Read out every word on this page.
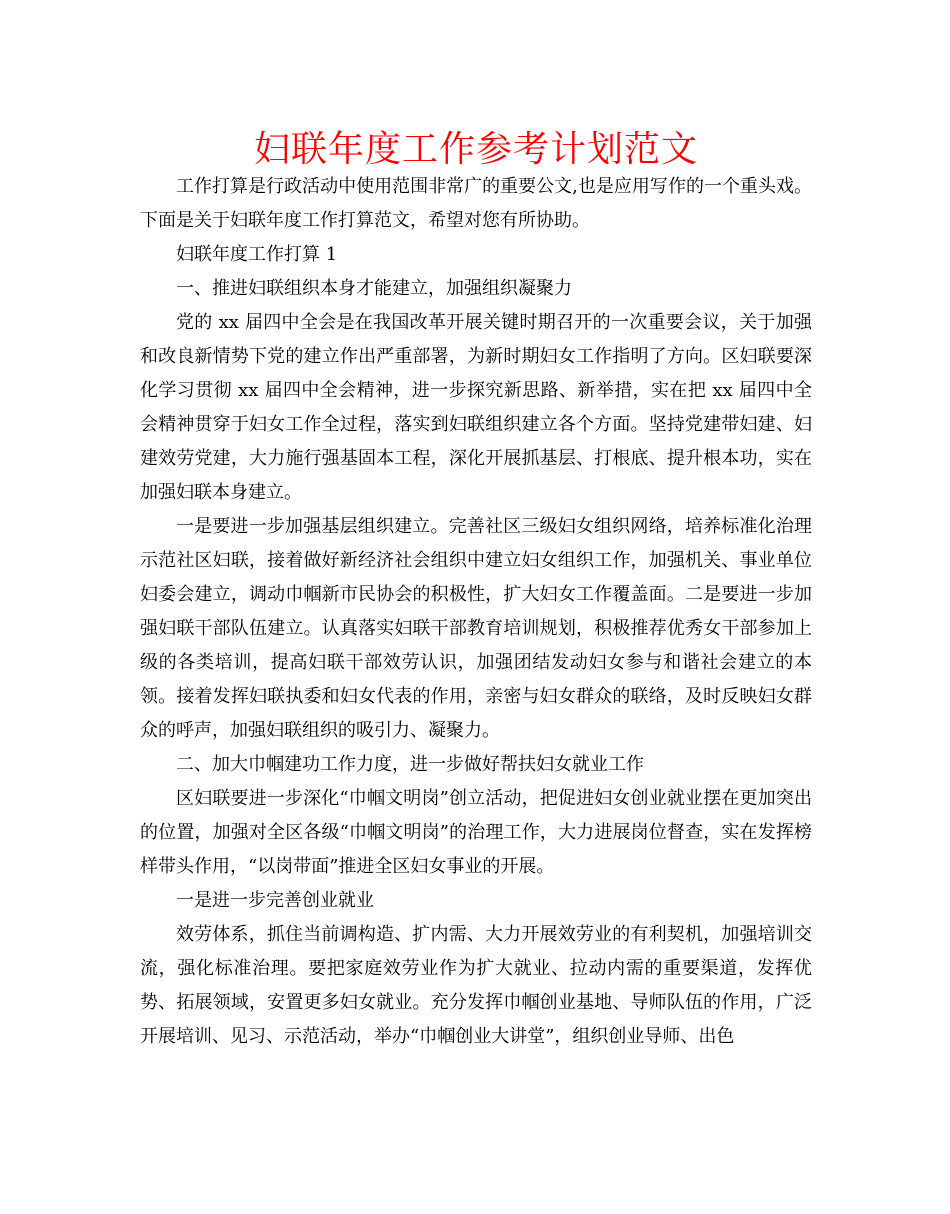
妇联年度工作参考计划范文

工作打算是行政活动中使用范围非常广的重要公文,也是应用写作的一个重头戏。下面是关于妇联年度工作打算范文，希望对您有所协助。

妇联年度工作打算 1

一、推进妇联组织本身才能建立，加强组织凝聚力

党的 xx 届四中全会是在我国改革开展关键时期召开的一次重要会议，关于加强和改良新情势下党的建立作出严重部署，为新时期妇女工作指明了方向。区妇联要深化学习贯彻 xx 届四中全会精神，进一步探究新思路、新举措，实在把 xx 届四中全会精神贯穿于妇女工作全过程，落实到妇联组织建立各个方面。坚持党建带妇建、妇建效劳党建，大力施行强基固本工程，深化开展抓基层、打根底、提升根本功，实在加强妇联本身建立。

一是要进一步加强基层组织建立。完善社区三级妇女组织网络，培养标准化治理示范社区妇联，接着做好新经济社会组织中建立妇女组织工作，加强机关、事业单位妇委会建立，调动巾帼新市民协会的积极性，扩大妇女工作覆盖面。二是要进一步加强妇联干部队伍建立。认真落实妇联干部教育培训规划，积极推荐优秀女干部参加上级的各类培训，提高妇联干部效劳认识，加强团结发动妇女参与和谐社会建立的本领。接着发挥妇联执委和妇女代表的作用，亲密与妇女群众的联络，及时反映妇女群众的呼声，加强妇联组织的吸引力、凝聚力。

二、加大巾帼建功工作力度，进一步做好帮扶妇女就业工作

区妇联要进一步深化“巾帼文明岗”创立活动，把促进妇女创业就业摆在更加突出的位置，加强对全区各级“巾帼文明岗”的治理工作，大力进展岗位督查，实在发挥榜样带头作用，“以岗带面”推进全区妇女事业的开展。

一是进一步完善创业就业

效劳体系，抓住当前调构造、扩内需、大力开展效劳业的有利契机，加强培训交流，强化标准治理。要把家庭效劳业作为扩大就业、拉动内需的重要渠道，发挥优势、拓展领域，安置更多妇女就业。充分发挥巾帼创业基地、导师队伍的作用，广泛开展培训、见习、示范活动，举办“巾帼创业大讲堂”，组织创业导师、出色
